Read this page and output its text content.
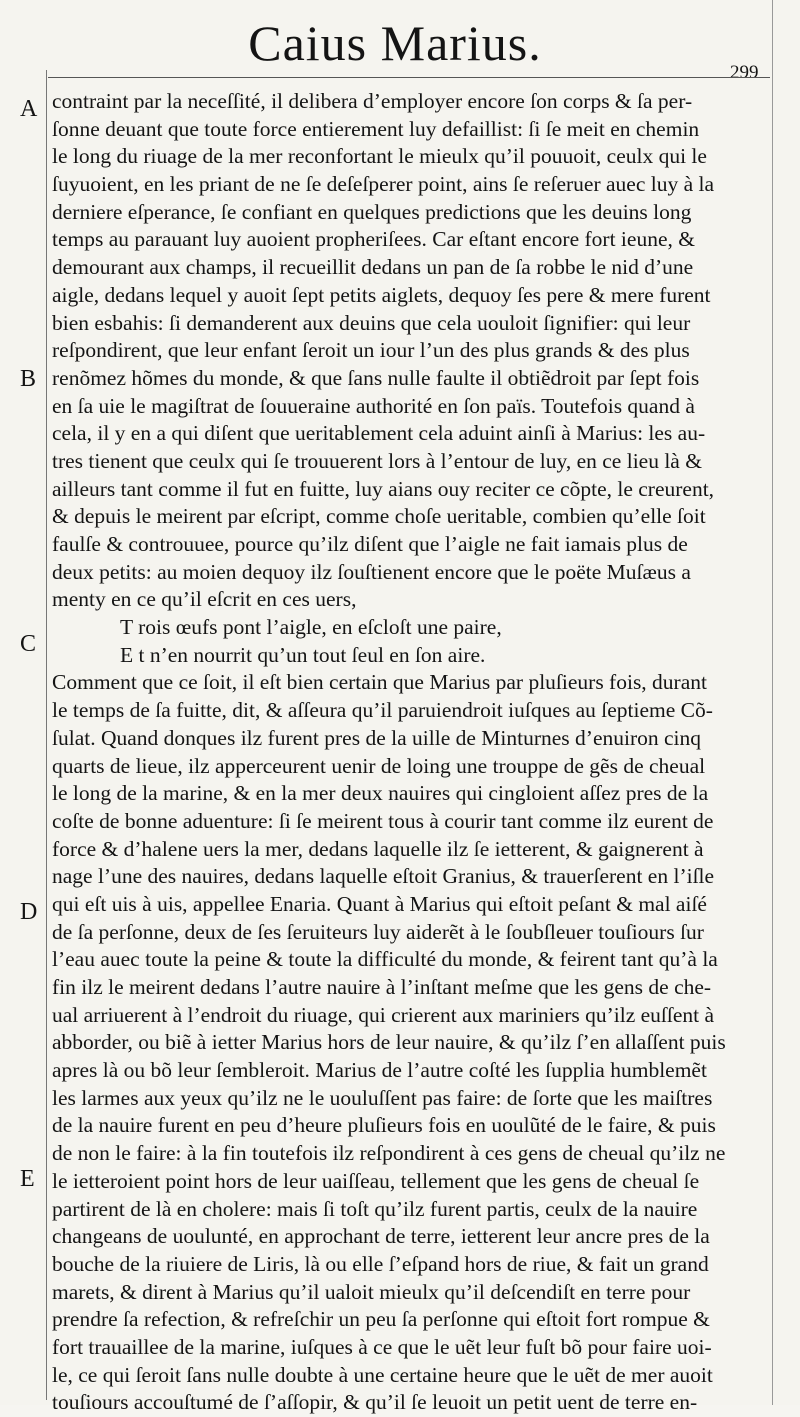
Caius Marius.
299
A
B
C
D
E
contraint par la neceſſité, il delibera d’employer encore ſon corps & ſa per-
ſonne deuant que toute force entierement luy defaillist: ſi ſe meit en chemin
le long du riuage de la mer reconfortant le mieulx qu’il pouuoit, ceulx qui le
ſuyuoient, en les priant de ne ſe deſeſperer point, ains ſe reſeruer auec luy à la
derniere eſperance, ſe confiant en quelques predictions que les deuins long
temps au parauant luy auoient propheriſees. Car eſtant encore fort ieune, &
demourant aux champs, il recueillit dedans un pan de ſa robbe le nid d’une
aigle, dedans lequel y auoit ſept petits aiglets, dequoy ſes pere & mere furent
bien esbahis: ſi demanderent aux deuins que cela uouloit ſignifier: qui leur
reſpondirent, que leur enfant ſeroit un iour l’un des plus grands & des plus
renõmez hõmes du monde, & que ſans nulle faulte il obtiẽdroit par ſept fois
en ſa uie le magiſtrat de ſouueraine authorité en ſon païs. Toutefois quand à
cela, il y en a qui diſent que ueritablement cela aduint ainſi à Marius: les au-
tres tienent que ceulx qui ſe trouuerent lors à l’entour de luy, en ce lieu là &
ailleurs tant comme il fut en fuitte, luy aians ouy reciter ce cõpte, le creurent,
& depuis le meirent par eſcript, comme choſe ueritable, combien qu’elle ſoit
faulſe & controuuee, pource qu’ilz diſent que l’aigle ne fait iamais plus de
deux petits: au moien dequoy ilz ſouſtienent encore que le poëte Muſæus a
menty en ce qu’il eſcrit en ces uers,
T rois œufs pont l’aigle, en eſcloſt une paire,
E t n’en nourrit qu’un tout ſeul en ſon aire.
Comment que ce ſoit, il eſt bien certain que Marius par pluſieurs fois, durant
le temps de ſa fuitte, dit, & aſſeura qu’il paruiendroit iuſques au ſeptieme Cõ-
ſulat. Quand donques ilz furent pres de la uille de Minturnes d’enuiron cinq
quarts de lieue, ilz apperceurent uenir de loing une trouppe de gẽs de cheual
le long de la marine, & en la mer deux nauires qui cingloient aſſez pres de la
coſte de bonne aduenture: ſi ſe meirent tous à courir tant comme ilz eurent de
force & d’halene uers la mer, dedans laquelle ilz ſe ietterent, & gaignerent à
nage l’une des nauires, dedans laquelle eſtoit Granius, & trauerſerent en l’iſle
qui eſt uis à uis, appellee Enaria. Quant à Marius qui eſtoit peſant & mal aiſé
de ſa perſonne, deux de ſes ſeruiteurs luy aiderẽt à le ſoubſleuer touſiours ſur
l’eau auec toute la peine & toute la difficulté du monde, & feirent tant qu’à la
fin ilz le meirent dedans l’autre nauire à l’inſtant meſme que les gens de che-
ual arriuerent à l’endroit du riuage, qui crierent aux mariniers qu’ilz euſſent à
abborder, ou biẽ à ietter Marius hors de leur nauire, & qu’ilz ſ’en allaſſent puis
apres là ou bõ leur ſembleroit. Marius de l’autre coſté les ſupplia humblemẽt
les larmes aux yeux qu’ilz ne le uouluſſent pas faire: de ſorte que les maiſtres
de la nauire furent en peu d’heure pluſieurs fois en uoulũté de le faire, & puis
de non le faire: à la fin toutefois ilz reſpondirent à ces gens de cheual qu’ilz ne
le ietteroient point hors de leur uaiſſeau, tellement que les gens de cheual ſe
partirent de là en cholere: mais ſi toſt qu’ilz furent partis, ceulx de la nauire
changeans de uoulunté, en approchant de terre, ietterent leur ancre pres de la
bouche de la riuiere de Liris, là ou elle ſ’eſpand hors de riue, & fait un grand
marets, & dirent à Marius qu’il ualoit mieulx qu’il deſcendiſt en terre pour
prendre ſa refection, & refreſchir un peu ſa perſonne qui eſtoit fort rompue &
fort trauaillee de la marine, iuſques à ce que le uẽt leur fuſt bõ pour faire uoi-
le, ce qui ſeroit ſans nulle doubte à une certaine heure que le uẽt de mer auoit
touſiours accouſtumé de ſ’aſſopir, & qu’il ſe leuoit un petit uent de terre en-
